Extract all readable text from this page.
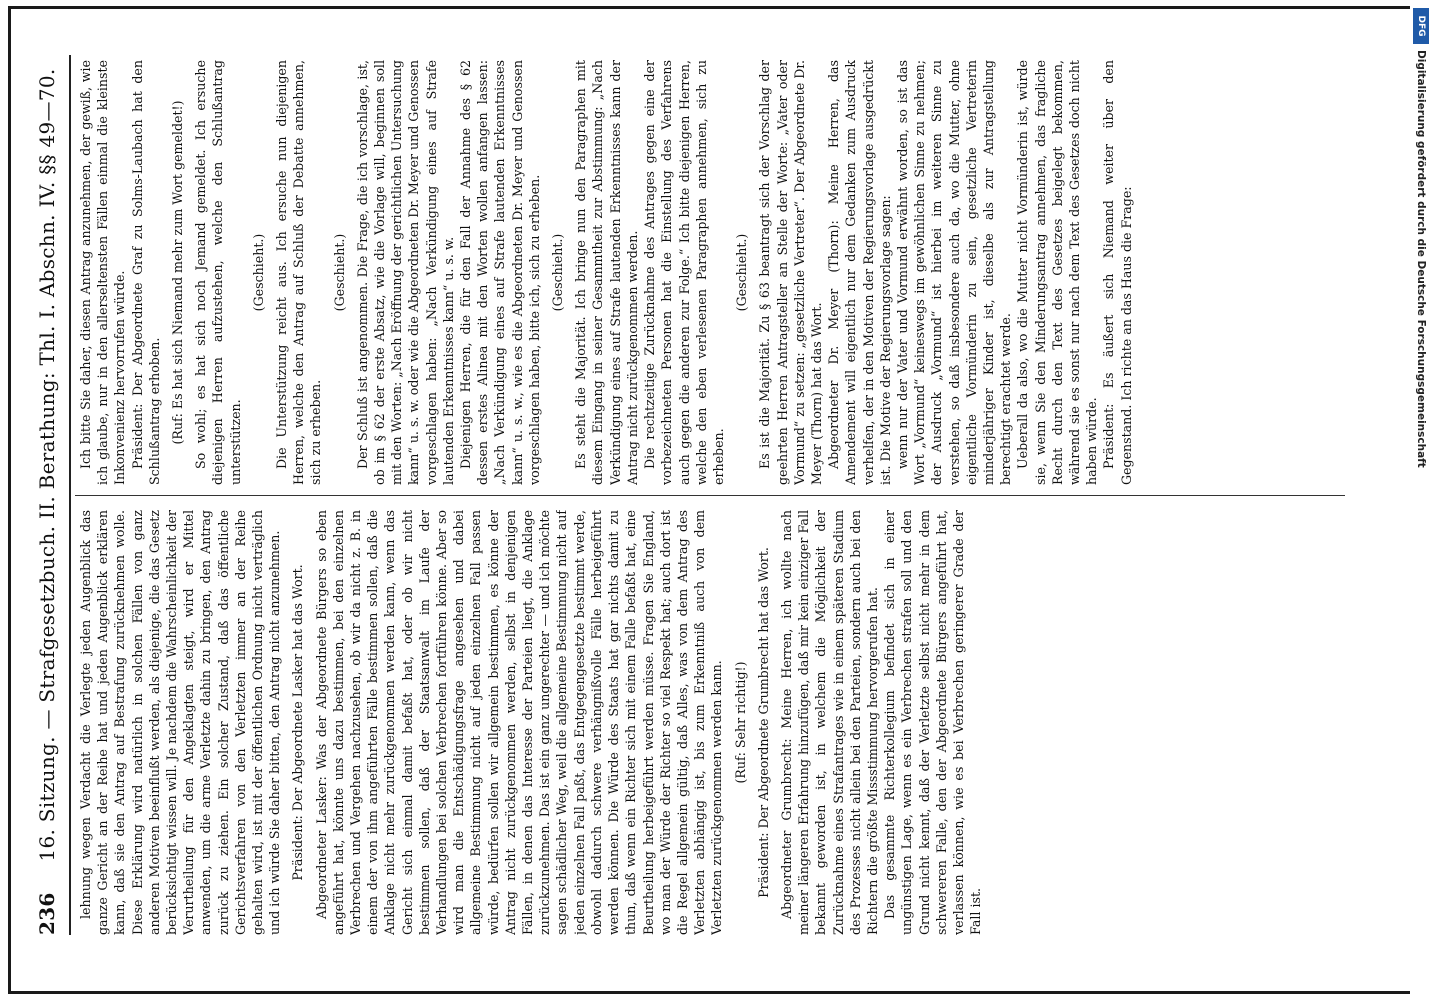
236
16. Sitzung. — Strafgesetzbuch. II. Berathung: Thl. I. Abschn. IV. §§ 49—70. lehnung wegen Verdacht die Verlegte jeden Augenblick das ganze Gericht an der Reihe hat und jeden Augenblick erklären kann, daß sie den Antrag auf Bestrafung zurücknehmen wolle. Diese Erklärung wird natürlich in solchen Fällen von ganz anderen Motiven beeinflußt werden, als diejenige, die das Gesetz berücksichtigt wissen will. Je nachdem die Wahrscheinlichkeit der Verurtheilung für den Angeklagten steigt, wird er Mittel anwenden, um die arme Verletzte dahin zu bringen, den Antrag zurück zu ziehen. Ein solcher Zustand, daß das öffentliche Gerichtsverfahren von den Verletzten immer an der Reihe gehalten wird, ist mit der öffentlichen Ordnung nicht verträglich und ich würde Sie daher bitten, den Antrag nicht anzunehmen. Präsident: Der Abgeordnete Lasker hat das Wort. Abgeordneter Lasker: Was der Abgeordnete Bürgers so eben angeführt hat, könnte uns dazu bestimmen, bei den einzelnen Verbrechen und Vergehen nachzusehen, ob wir da nicht z. B. in einem der von ihm angeführten Fälle bestimmen sollen, daß die Anklage nicht mehr zurückgenommen werden kann, wenn das Gericht sich einmal damit befaßt hat, oder ob wir nicht bestimmen sollen, daß der Staatsanwalt im Laufe der Verhandlungen bei solchen Verbrechen fortführen könne. Aber so wird man die Entschädigungsfrage angesehen und dabei allgemeine Bestimmung nicht auf jeden einzelnen Fall passen würde, bedürfen sollen wir allgemein bestimmen, es könne der Antrag nicht zurückgenommen werden, selbst in denjenigen Fällen, in denen das Interesse der Parteien liegt, die Anklage zurückzunehmen. Das ist ein ganz ungerechter — und ich möchte sagen schädlicher Weg, weil die allgemeine Bestimmung nicht auf jeden einzelnen Fall paßt, das Entgegengesetzte bestimmt werde, obwohl dadurch schwere verhängnißvolle Fälle herbeigeführt werden können. Die Würde des Staats hat gar nichts damit zu thun, daß wenn ein Richter sich mit einem Falle befaßt hat, eine Beurtheilung herbeigeführt werden müsse. Fragen Sie England, wo man der Würde der Richter so viel Respekt hat; auch dort ist die Regel allgemein gültig, daß Alles, was von dem Antrag des Verletzten abhängig ist, bis zum Erkenntniß auch von dem Verletzten zurückgenommen werden kann. (Ruf: Sehr richtig!) Präsident: Der Abgeordnete Grumbrecht hat das Wort. Abgeordneter Grumbrecht: Meine Herren, ich wollte nach meiner längeren Erfahrung hinzufügen, daß mir kein einziger Fall bekannt geworden ist, in welchem die Möglichkeit der Zurücknahme eines Strafantrages wie in einem späteren Stadium des Prozesses nicht allein bei den Parteien, sondern auch bei den Richtern die größte Missstimmung hervorgerufen hat. Das gesammte Richterkollegium befindet sich in einer ungünstigen Lage, wenn es ein Verbrechen strafen soll und den Grund nicht kennt, daß der Verletzte selbst nicht mehr in dem schwereren Falle, den der Abgeordnete Bürgers angeführt hat, verlassen können, wie es bei Verbrechen geringerer Grade der Fall ist.

Ich bitte Sie daher, diesen Antrag anzunehmen, der gewiß, wie ich glaube, nur in den allerseltensten Fällen einmal die kleinste Inkonvenienz hervorrufen würde. Präsident: Der Abgeordnete Graf zu Solms-Laubach hat den Schlußantrag erhoben. (Ruf: Es hat sich Niemand mehr zum Wort gemeldet!) So wohl; es hat sich noch Jemand gemeldet. Ich ersuche diejenigen Herren aufzustehen, welche den Schlußantrag unterstützen.

(Geschieht.) Die Unterstützung reicht aus. Ich ersuche nun diejenigen Herren, welche den Antrag auf Schluß der Debatte annehmen, sich zu erheben.

(Geschieht.) Der Schluß ist angenommen. Die Frage, die ich vorschlage, ist, ob im § 62 der erste Absatz, wie die Vorlage will, beginnen soll mit den Worten: „Nach Eröffnung der gerichtlichen Untersuchung kann“ u. s. w. oder wie die Abgeordneten Dr. Meyer und Genossen vorgeschlagen haben: „Nach Verkündigung eines auf Strafe lautenden Erkenntnisses kann“ u. s. w. Diejenigen Herren, die für den Fall der Annahme des § 62 dessen erstes Alinea mit den Worten wollen anfangen lassen: „Nach Verkündigung eines auf Strafe lautenden Erkenntnisses kann“ u. s. w., wie es die Abgeordneten Dr. Meyer und Genossen vorgeschlagen haben, bitte ich, sich zu erheben. (Geschieht.) Es steht die Majorität. Ich bringe nun den Paragraphen mit diesem Eingang in seiner Gesammtheit zur Abstimmung: „Nach Verkündigung eines auf Strafe lautenden Erkenntnisses kann der Antrag nicht zurückgenommen werden. Die rechtzeitige Zurücknahme des Antrages gegen eine der vorbezeichneten Personen hat die Einstellung des Verfahrens auch gegen die anderen zur Folge.“ Ich bitte diejenigen Herren, welche den eben verlesenen Paragraphen annehmen, sich zu erheben.

(Geschieht.) Es ist die Majorität. Zu § 63 beantragt sich der Vorschlag der geehrten Herren Antragsteller an Stelle der Worte: „Vater oder Vormund“ zu setzen: „gesetzliche Vertreter“. Der Abgeordnete Dr. Meyer (Thorn) hat das Wort. Abgeordneter Dr. Meyer (Thorn): Meine Herren, das Amendement will eigentlich nur dem Gedanken zum Ausdruck verhelfen, der in den Motiven der Regierungsvorlage ausgedrückt ist. Die Motive der Regierungsvorlage sagen: wenn nur der Vater und Vormund erwähnt worden, so ist das Wort „Vormund“ keineswegs im gewöhnlichen Sinne zu nehmen; der Ausdruck „Vormund“ ist hierbei im weiteren Sinne zu verstehen, so daß insbesondere auch da, wo die Mutter, ohne eigentliche Vormünderin zu sein, gesetzliche Vertreterin minderjähriger Kinder ist, dieselbe als zur Antragstellung berechtigt erachtet werde. Ueberall da also, wo die Mutter nicht Vormünderin ist, würde sie, wenn Sie den Minderungsantrag annehmen, das fragliche Recht durch den Text des Gesetzes beigelegt bekommen, während sie es sonst nur nach dem Text des Gesetzes doch nicht haben würde. Präsident: Es äußert sich Niemand weiter über den Gegenstand. Ich richte an das Haus die Frage:

DFG
Digitalisierung gefördert durch die Deutsche Forschungsgemeinschaft
